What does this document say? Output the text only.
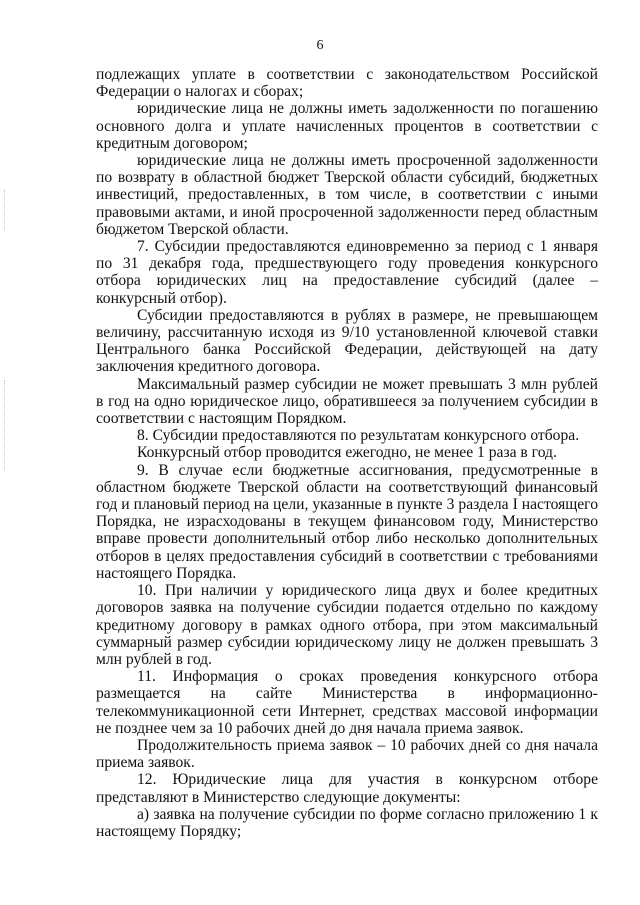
6

подлежащих уплате в соответствии с законодательством Российской Федерации о налогах и сборах;

юридические лица не должны иметь задолженности по погашению основного долга и уплате начисленных процентов в соответствии с кредитным договором;

юридические лица не должны иметь просроченной задолженности по возврату в областной бюджет Тверской области субсидий, бюджетных инвестиций, предоставленных, в том числе, в соответствии с иными правовыми актами, и иной просроченной задолженности перед областным бюджетом Тверской области.

7. Субсидии предоставляются единовременно за период с 1 января по 31 декабря года, предшествующего году проведения конкурсного отбора юридических лиц на предоставление субсидий (далее – конкурсный отбор).

Субсидии предоставляются в рублях в размере, не превышающем величину, рассчитанную исходя из 9/10 установленной ключевой ставки Центрального банка Российской Федерации, действующей на дату заключения кредитного договора.

Максимальный размер субсидии не может превышать 3 млн рублей в год на одно юридическое лицо, обратившееся за получением субсидии в соответствии с настоящим Порядком.

8. Субсидии предоставляются по результатам конкурсного отбора.

Конкурсный отбор проводится ежегодно, не менее 1 раза в год.

9. В случае если бюджетные ассигнования, предусмотренные в областном бюджете Тверской области на соответствующий финансовый год и плановый период на цели, указанные в пункте 3 раздела I настоящего Порядка, не израсходованы в текущем финансовом году, Министерство вправе провести дополнительный отбор либо несколько дополнительных отборов в целях предоставления субсидий в соответствии с требованиями настоящего Порядка.

10. При наличии у юридического лица двух и более кредитных договоров заявка на получение субсидии подается отдельно по каждому кредитному договору в рамках одного отбора, при этом максимальный суммарный размер субсидии юридическому лицу не должен превышать 3 млн рублей в год.

11. Информация о сроках проведения конкурсного отбора размещается на сайте Министерства в информационно-телекоммуникационной сети Интернет, средствах массовой информации не позднее чем за 10 рабочих дней до дня начала приема заявок.

Продолжительность приема заявок – 10 рабочих дней со дня начала приема заявок.

12. Юридические лица для участия в конкурсном отборе представляют в Министерство следующие документы:

а) заявка на получение субсидии по форме согласно приложению 1 к настоящему Порядку;
